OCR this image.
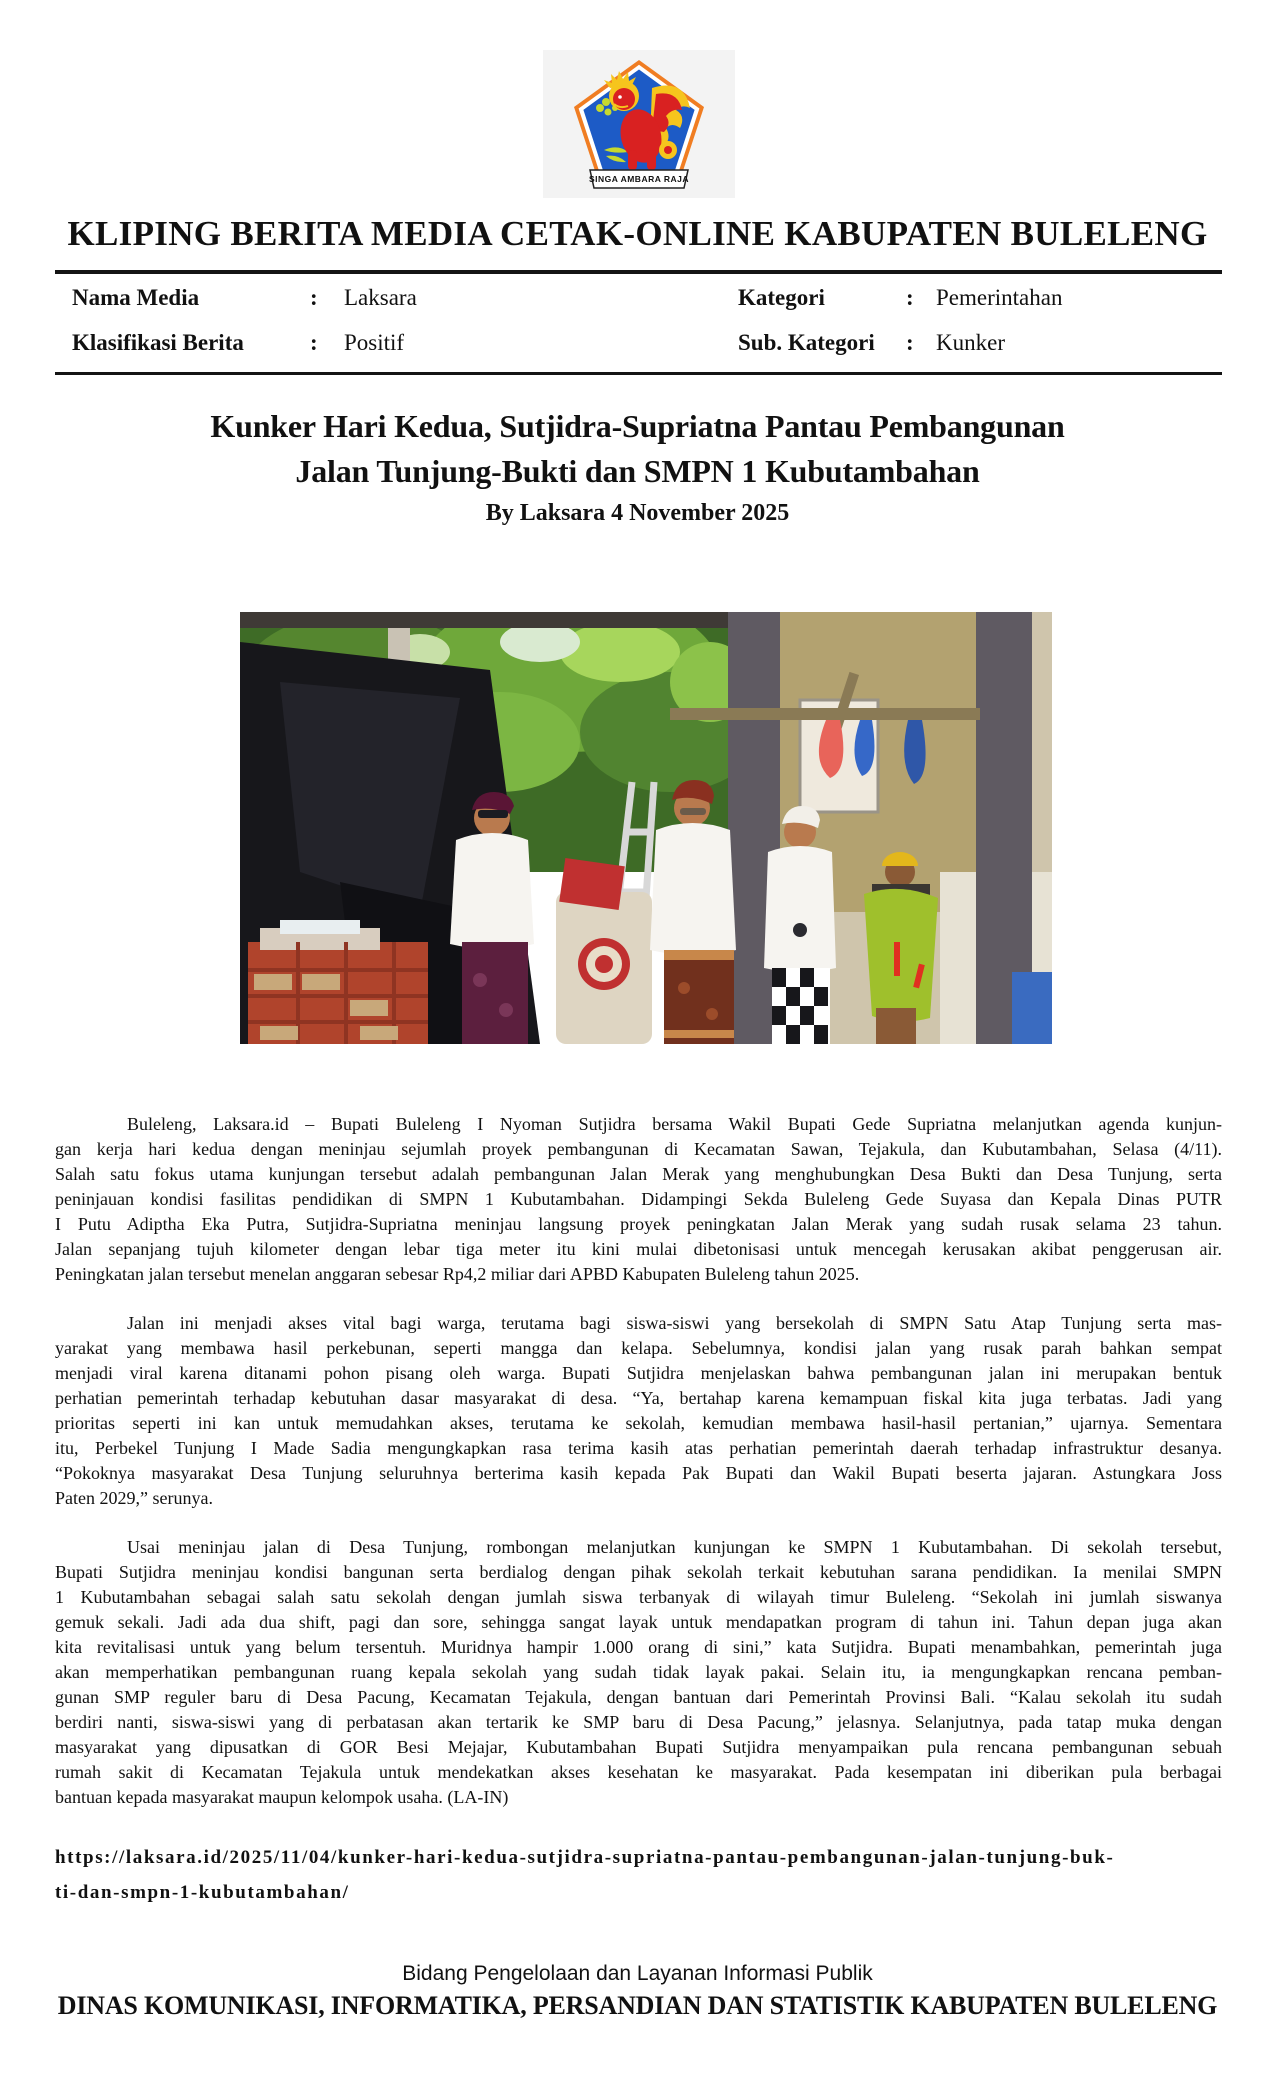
SINGA AMBARA RAJA
KLIPING BERITA MEDIA CETAK-ONLINE KABUPATEN BULELENG
Nama Media	:	Laksara
Klasifikasi Berita	:	Positif
Kategori	: Pemerintahan
Sub. Kategori	: Kunker
Kunker Hari Kedua, Sutjidra-Supriatna Pantau Pembangunan
Jalan Tunjung-Bukti dan SMPN 1 Kubutambahan
By Laksara 4 November 2025
Buleleng, Laksara.id – Bupati Buleleng I Nyoman Sutjidra bersama Wakil Bupati Gede Supriatna melanjutkan agenda kunjun-
gan kerja hari kedua dengan meninjau sejumlah proyek pembangunan di Kecamatan Sawan, Tejakula, dan Kubutambahan, Selasa (4/11).
Salah satu fokus utama kunjungan tersebut adalah pembangunan Jalan Merak yang menghubungkan Desa Bukti dan Desa Tunjung, serta
peninjauan kondisi fasilitas pendidikan di SMPN 1 Kubutambahan. Didampingi Sekda Buleleng Gede Suyasa dan Kepala Dinas PUTR
I Putu Adiptha Eka Putra, Sutjidra-Supriatna meninjau langsung proyek peningkatan Jalan Merak yang sudah rusak selama 23 tahun.
Jalan sepanjang tujuh kilometer dengan lebar tiga meter itu kini mulai dibetonisasi untuk mencegah kerusakan akibat penggerusan air.
Peningkatan jalan tersebut menelan anggaran sebesar Rp4,2 miliar dari APBD Kabupaten Buleleng tahun 2025.
Jalan ini menjadi akses vital bagi warga, terutama bagi siswa-siswi yang bersekolah di SMPN Satu Atap Tunjung serta mas-
yarakat yang membawa hasil perkebunan, seperti mangga dan kelapa. Sebelumnya, kondisi jalan yang rusak parah bahkan sempat
menjadi viral karena ditanami pohon pisang oleh warga. Bupati Sutjidra menjelaskan bahwa pembangunan jalan ini merupakan bentuk
perhatian pemerintah terhadap kebutuhan dasar masyarakat di desa. “Ya, bertahap karena kemampuan fiskal kita juga terbatas. Jadi yang
prioritas seperti ini kan untuk memudahkan akses, terutama ke sekolah, kemudian membawa hasil-hasil pertanian,” ujarnya. Sementara
itu, Perbekel Tunjung I Made Sadia mengungkapkan rasa terima kasih atas perhatian pemerintah daerah terhadap infrastruktur desanya.
“Pokoknya masyarakat Desa Tunjung seluruhnya berterima kasih kepada Pak Bupati dan Wakil Bupati beserta jajaran. Astungkara Joss
Paten 2029,” serunya.
Usai meninjau jalan di Desa Tunjung, rombongan melanjutkan kunjungan ke SMPN 1 Kubutambahan. Di sekolah tersebut,
Bupati Sutjidra meninjau kondisi bangunan serta berdialog dengan pihak sekolah terkait kebutuhan sarana pendidikan. Ia menilai SMPN
1 Kubutambahan sebagai salah satu sekolah dengan jumlah siswa terbanyak di wilayah timur Buleleng. “Sekolah ini jumlah siswanya
gemuk sekali. Jadi ada dua shift, pagi dan sore, sehingga sangat layak untuk mendapatkan program di tahun ini. Tahun depan juga akan
kita revitalisasi untuk yang belum tersentuh. Muridnya hampir 1.000 orang di sini,” kata Sutjidra. Bupati menambahkan, pemerintah juga
akan memperhatikan pembangunan ruang kepala sekolah yang sudah tidak layak pakai. Selain itu, ia mengungkapkan rencana pemban-
gunan SMP reguler baru di Desa Pacung, Kecamatan Tejakula, dengan bantuan dari Pemerintah Provinsi Bali. “Kalau sekolah itu sudah
berdiri nanti, siswa-siswi yang di perbatasan akan tertarik ke SMP baru di Desa Pacung,” jelasnya. Selanjutnya, pada tatap muka dengan
masyarakat yang dipusatkan di GOR Besi Mejajar, Kubutambahan Bupati Sutjidra menyampaikan pula rencana pembangunan sebuah
rumah sakit di Kecamatan Tejakula untuk mendekatkan akses kesehatan ke masyarakat. Pada kesempatan ini diberikan pula berbagai
bantuan kepada masyarakat maupun kelompok usaha. (LA-IN)
https://laksara.id/2025/11/04/kunker-hari-kedua-sutjidra-supriatna-pantau-pembangunan-jalan-tunjung-buk-
ti-dan-smpn-1-kubutambahan/
Bidang Pengelolaan dan Layanan Informasi Publik
DINAS KOMUNIKASI, INFORMATIKA, PERSANDIAN DAN STATISTIK KABUPATEN BULELENG
